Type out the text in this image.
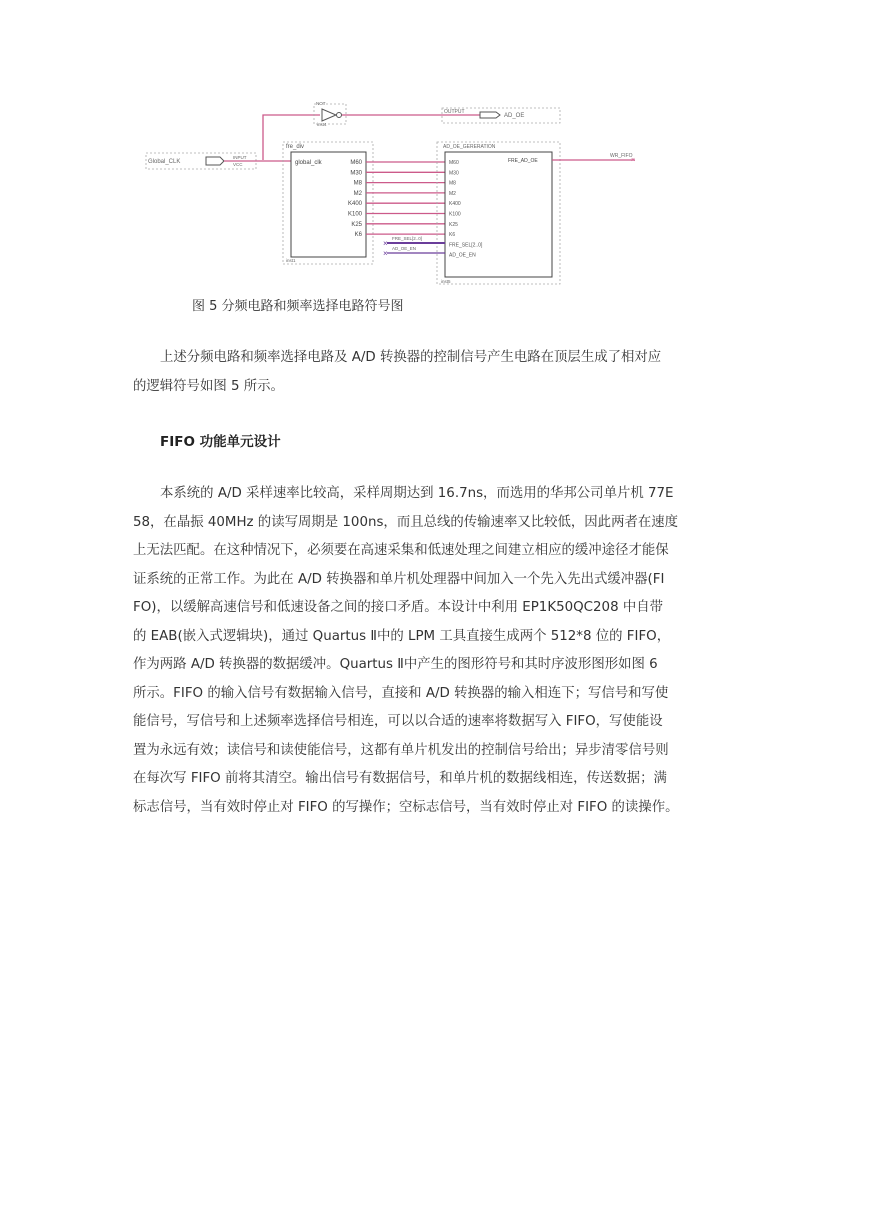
NOT
inst4
OUTPUT
AD_OE
Global_CLK
INPUT
VCC
fre_div
global_clk
inst1
M60
M30
M8
M2
K400
K100
K25
K6
AD_OE_GERERATION
FRE_AD_OE
inst5
M60
M30
M8
M2
K400
K100
K25
K6
FRE_SEL[2..0]
AD_OE_EN
WR_FIFO
×
×
×
FRE_SEL[2..0]
AD_OE_EN
图 5 分频电路和频率选择电路符号图

上述分频电路和频率选择电路及 A/D 转换器的控制信号产生电路在顶层生成了相对应
的逻辑符号如图 5 所示。

FIFO 功能单元设计

本系统的 A/D 采样速率比较高，采样周期达到 16.7ns，而选用的华邦公司单片机 77E
58，在晶振 40MHz 的读写周期是 100ns，而且总线的传输速率又比较低，因此两者在速度
上无法匹配。在这种情况下，必须要在高速采集和低速处理之间建立相应的缓冲途径才能保
证系统的正常工作。为此在 A/D 转换器和单片机处理器中间加入一个先入先出式缓冲器(FI
FO)，以缓解高速信号和低速设备之间的接口矛盾。本设计中利用 EP1K50QC208 中自带
的 EAB(嵌入式逻辑块)，通过 Quartus Ⅱ中的 LPM 工具直接生成两个 512*8 位的 FIFO，
作为两路 A/D 转换器的数据缓冲。Quartus Ⅱ中产生的图形符号和其时序波形图形如图 6
所示。FIFO 的输入信号有数据输入信号，直接和 A/D 转换器的输入相连下；写信号和写使
能信号，写信号和上述频率选择信号相连，可以以合适的速率将数据写入 FIFO，写使能设
置为永远有效；读信号和读使能信号，这都有单片机发出的控制信号给出；异步清零信号则
在每次写 FIFO 前将其清空。输出信号有数据信号，和单片机的数据线相连，传送数据；满
标志信号，当有效时停止对 FIFO 的写操作；空标志信号，当有效时停止对 FIFO 的读操作。
